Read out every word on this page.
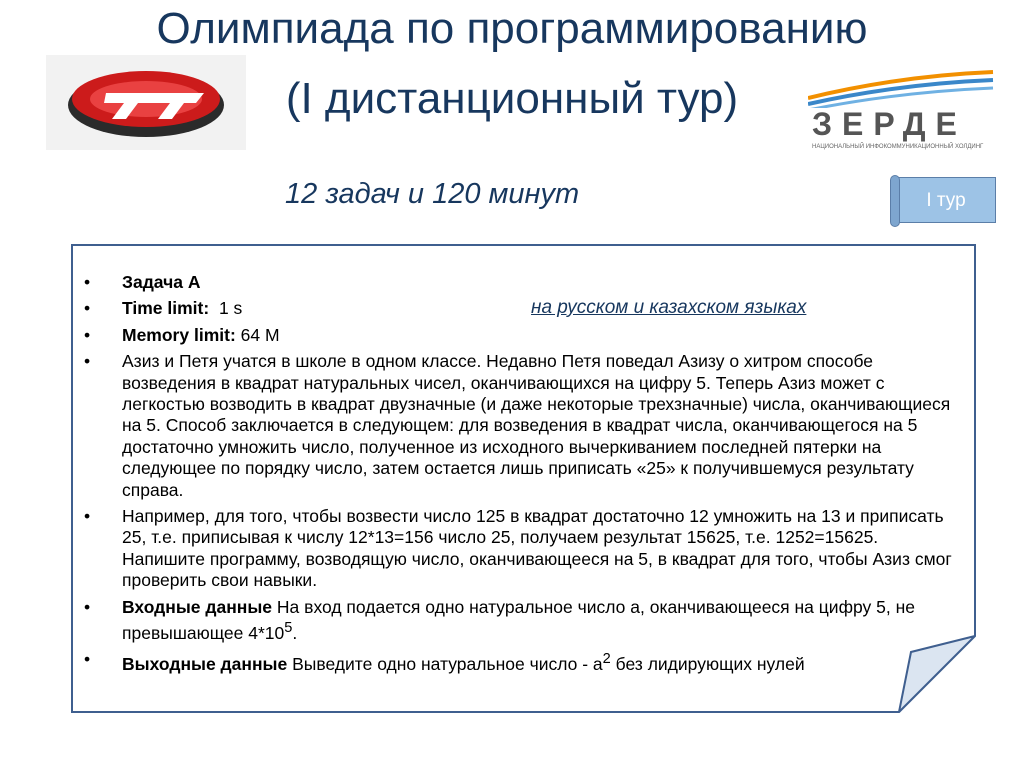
Олимпиада по программированию
(I дистанционный тур)
ЗЕРДЕ
НАЦИОНАЛЬНЫЙ ИНФОКОММУНИКАЦИОННЫЙ ХОЛДИНГ
12 задач и 120 минут	I тур
на русском и казахском языках
• Задача А
• Time limit: 1 s
• Memory limit: 64 M
• Азиз и Петя учатся в школе в одном классе. Недавно Петя поведал Азизу о хитром способе возведения в квадрат натуральных чисел, оканчивающихся на цифру 5. Теперь Азиз может с легкостью возводить в квадрат двузначные (и даже некоторые трехзначные) числа, оканчивающиеся на 5. Способ заключается в следующем: для возведения в квадрат числа, оканчивающегося на 5 достаточно умножить число, полученное из исходного вычеркиванием последней пятерки на следующее по порядку число, затем остается лишь приписать «25» к получившемуся результату справа.
• Например, для того, чтобы возвести число 125 в квадрат достаточно 12 умножить на 13 и приписать 25, т.е. приписывая к числу 12*13=156 число 25, получаем результат 15625, т.е. 1252=15625. Напишите программу, возводящую число, оканчивающееся на 5, в квадрат для того, чтобы Азиз смог проверить свои навыки.
• Входные данные На вход подается одно натуральное число a, оканчивающееся на цифру 5, не превышающее $4*10^5$.
• Выходные данные Выведите одно натуральное число - $a^2$ без лидирующих нулей
